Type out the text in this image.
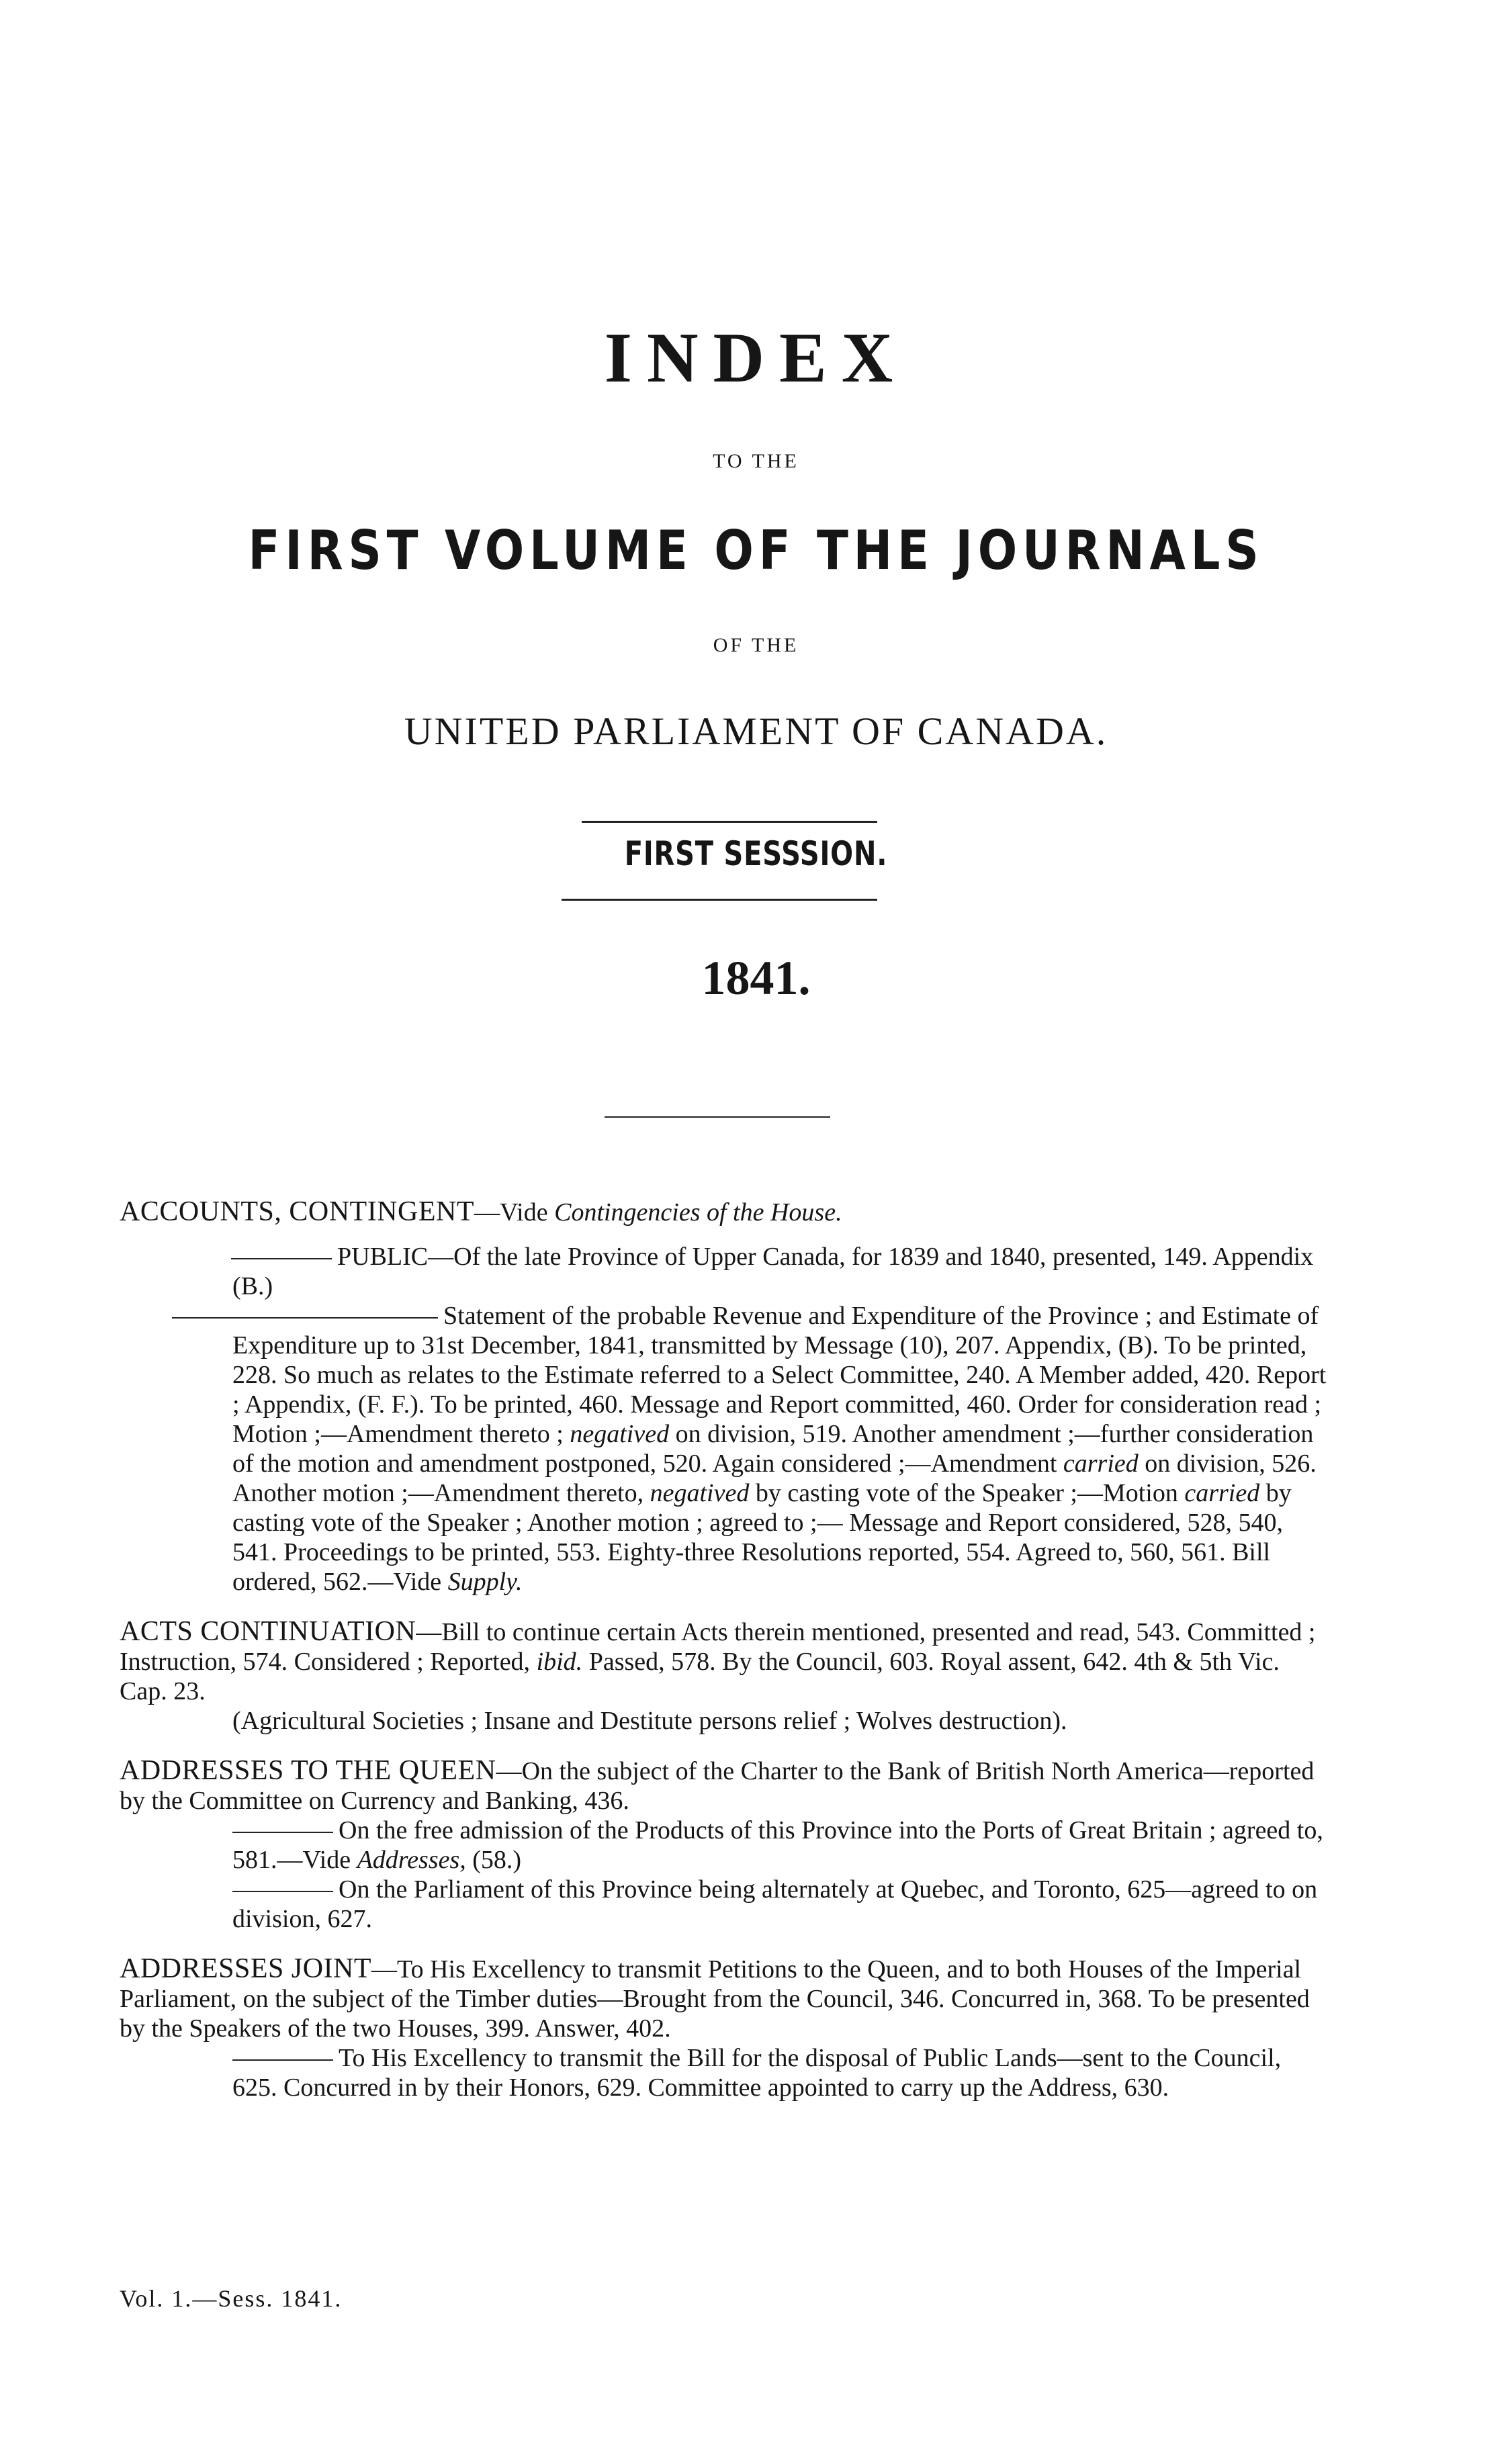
INDEX
TO THE
FIRST VOLUME OF THE JOURNALS
OF THE
UNITED PARLIAMENT OF CANADA.
FIRST SESSSION.
1841.
ACCOUNTS, CONTINGENT—Vide Contingencies of the House.
PUBLIC—Of the late Province of Upper Canada, for 1839 and 1840, presented, 149. Appendix (B.)
Statement of the probable Revenue and Expenditure of the Province ; and Estimate of Expenditure up to 31st December, 1841, transmitted by Message (10), 207. Appendix, (B). To be printed, 228. So much as relates to the Estimate referred to a Select Committee, 240. A Member added, 420. Report ; Appendix, (F. F.). To be printed, 460. Message and Report committed, 460. Order for consideration read ; Motion ;—Amendment thereto ; negatived on division, 519. Another amendment ;—further consideration of the motion and amendment postponed, 520. Again considered ;—Amendment carried on division, 526. Another motion ;—Amendment thereto, negatived by casting vote of the Speaker ;—Motion carried by casting vote of the Speaker ; Another motion ; agreed to ;— Message and Report considered, 528, 540, 541. Proceedings to be printed, 553. Eighty-three Resolutions reported, 554. Agreed to, 560, 561. Bill ordered, 562.—Vide Supply.
ACTS CONTINUATION—Bill to continue certain Acts therein mentioned, presented and read, 543. Committed ; Instruction, 574. Considered ; Reported, ibid. Passed, 578. By the Council, 603. Royal assent, 642. 4th & 5th Vic. Cap. 23.
(Agricultural Societies ; Insane and Destitute persons relief ; Wolves destruction).
ADDRESSES TO THE QUEEN—On the subject of the Charter to the Bank of British North America—reported by the Committee on Currency and Banking, 436.
On the free admission of the Products of this Province into the Ports of Great Britain ; agreed to, 581.—Vide Addresses, (58.)
On the Parliament of this Province being alternately at Quebec, and Toronto, 625—agreed to on division, 627.
ADDRESSES JOINT—To His Excellency to transmit Petitions to the Queen, and to both Houses of the Imperial Parliament, on the subject of the Timber duties—Brought from the Council, 346. Concurred in, 368. To be presented by the Speakers of the two Houses, 399. Answer, 402.
To His Excellency to transmit the Bill for the disposal of Public Lands—sent to the Council, 625. Concurred in by their Honors, 629. Committee appointed to carry up the Address, 630.
Vol. 1.—Sess. 1841.
